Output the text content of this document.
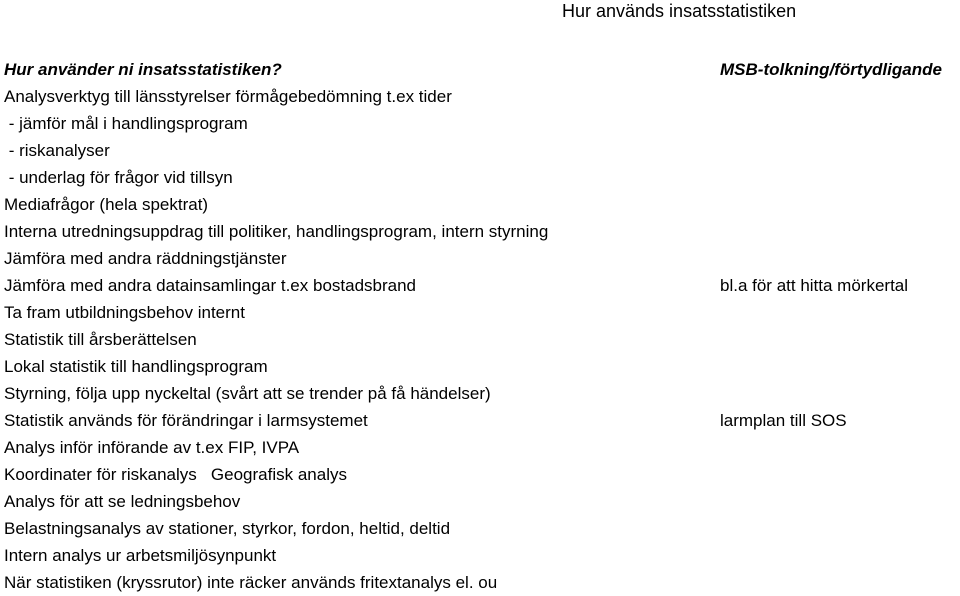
Hur används insatsstatistiken
Hur använder ni insatsstatistiken?
Analysverktyg till länsstyrelser förmågebedömning t.ex tider
- jämför mål i handlingsprogram
- riskanalyser
- underlag för frågor vid tillsyn
Mediafrågor (hela spektrat)
Interna utredningsuppdrag till politiker, handlingsprogram, intern styrning
Jämföra med andra räddningstjänster
Jämföra med andra datainsamlingar t.ex bostadsbrand
Ta fram utbildningsbehov internt
Statistik till årsberättelsen
Lokal statistik till handlingsprogram
Styrning, följa upp nyckeltal (svårt att se trender på få händelser)
Statistik används för förändringar i larmsystemet
Analys inför införande av t.ex FIP, IVPA
Koordinater för riskanalys   Geografisk analys
Analys för att se ledningsbehov
Belastningsanalys av stationer, styrkor, fordon, heltid, deltid
Intern analys ur arbetsmiljösynpunkt
När statistiken (kryssrutor) inte räcker används fritextanalys el. ou
MSB-tolkning/förtydligande
bl.a för att hitta mörkertal
larmplan till SOS
